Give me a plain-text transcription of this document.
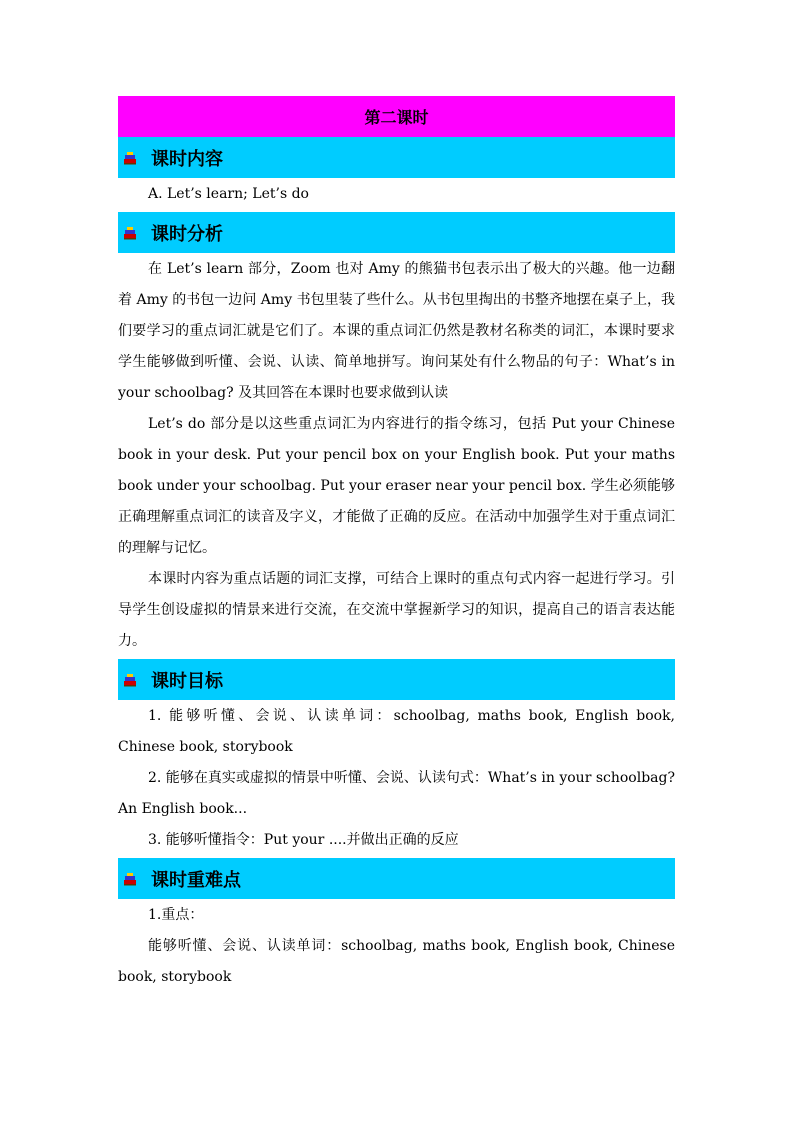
第二课时
课时内容

A. Let’s learn; Let’s do

课时分析

在 Let’s learn 部分，Zoom 也对 Amy 的熊猫书包表示出了极大的兴趣。他一边翻着 Amy 的书包一边问 Amy 书包里装了些什么。从书包里掏出的书整齐地摆在桌子上，我们要学习的重点词汇就是它们了。本课的重点词汇仍然是教材名称类的词汇，本课时要求学生能够做到听懂、会说、认读、简单地拼写。询问某处有什么物品的句子：What’s in your schoolbag? 及其回答在本课时也要求做到认读

Let’s do 部分是以这些重点词汇为内容进行的指令练习，包括 Put your Chinese book in your desk. Put your pencil box on your English book. Put your maths book under your schoolbag. Put your eraser near your pencil box. 学生必须能够正确理解重点词汇的读音及字义，才能做了正确的反应。在活动中加强学生对于重点词汇的理解与记忆。

本课时内容为重点话题的词汇支撑，可结合上课时的重点句式内容一起进行学习。引导学生创设虚拟的情景来进行交流，在交流中掌握新学习的知识，提高自己的语言表达能力。

课时目标

1. 能够听懂、会说、认读单词：schoolbag, maths book, English book, Chinese book, storybook

2. 能够在真实或虚拟的情景中听懂、会说、认读句式：What’s in your schoolbag? An English book...

3. 能够听懂指令：Put your ....并做出正确的反应

课时重难点

1.重点：

能够听懂、会说、认读单词：schoolbag, maths book, English book, Chinese book, storybook
